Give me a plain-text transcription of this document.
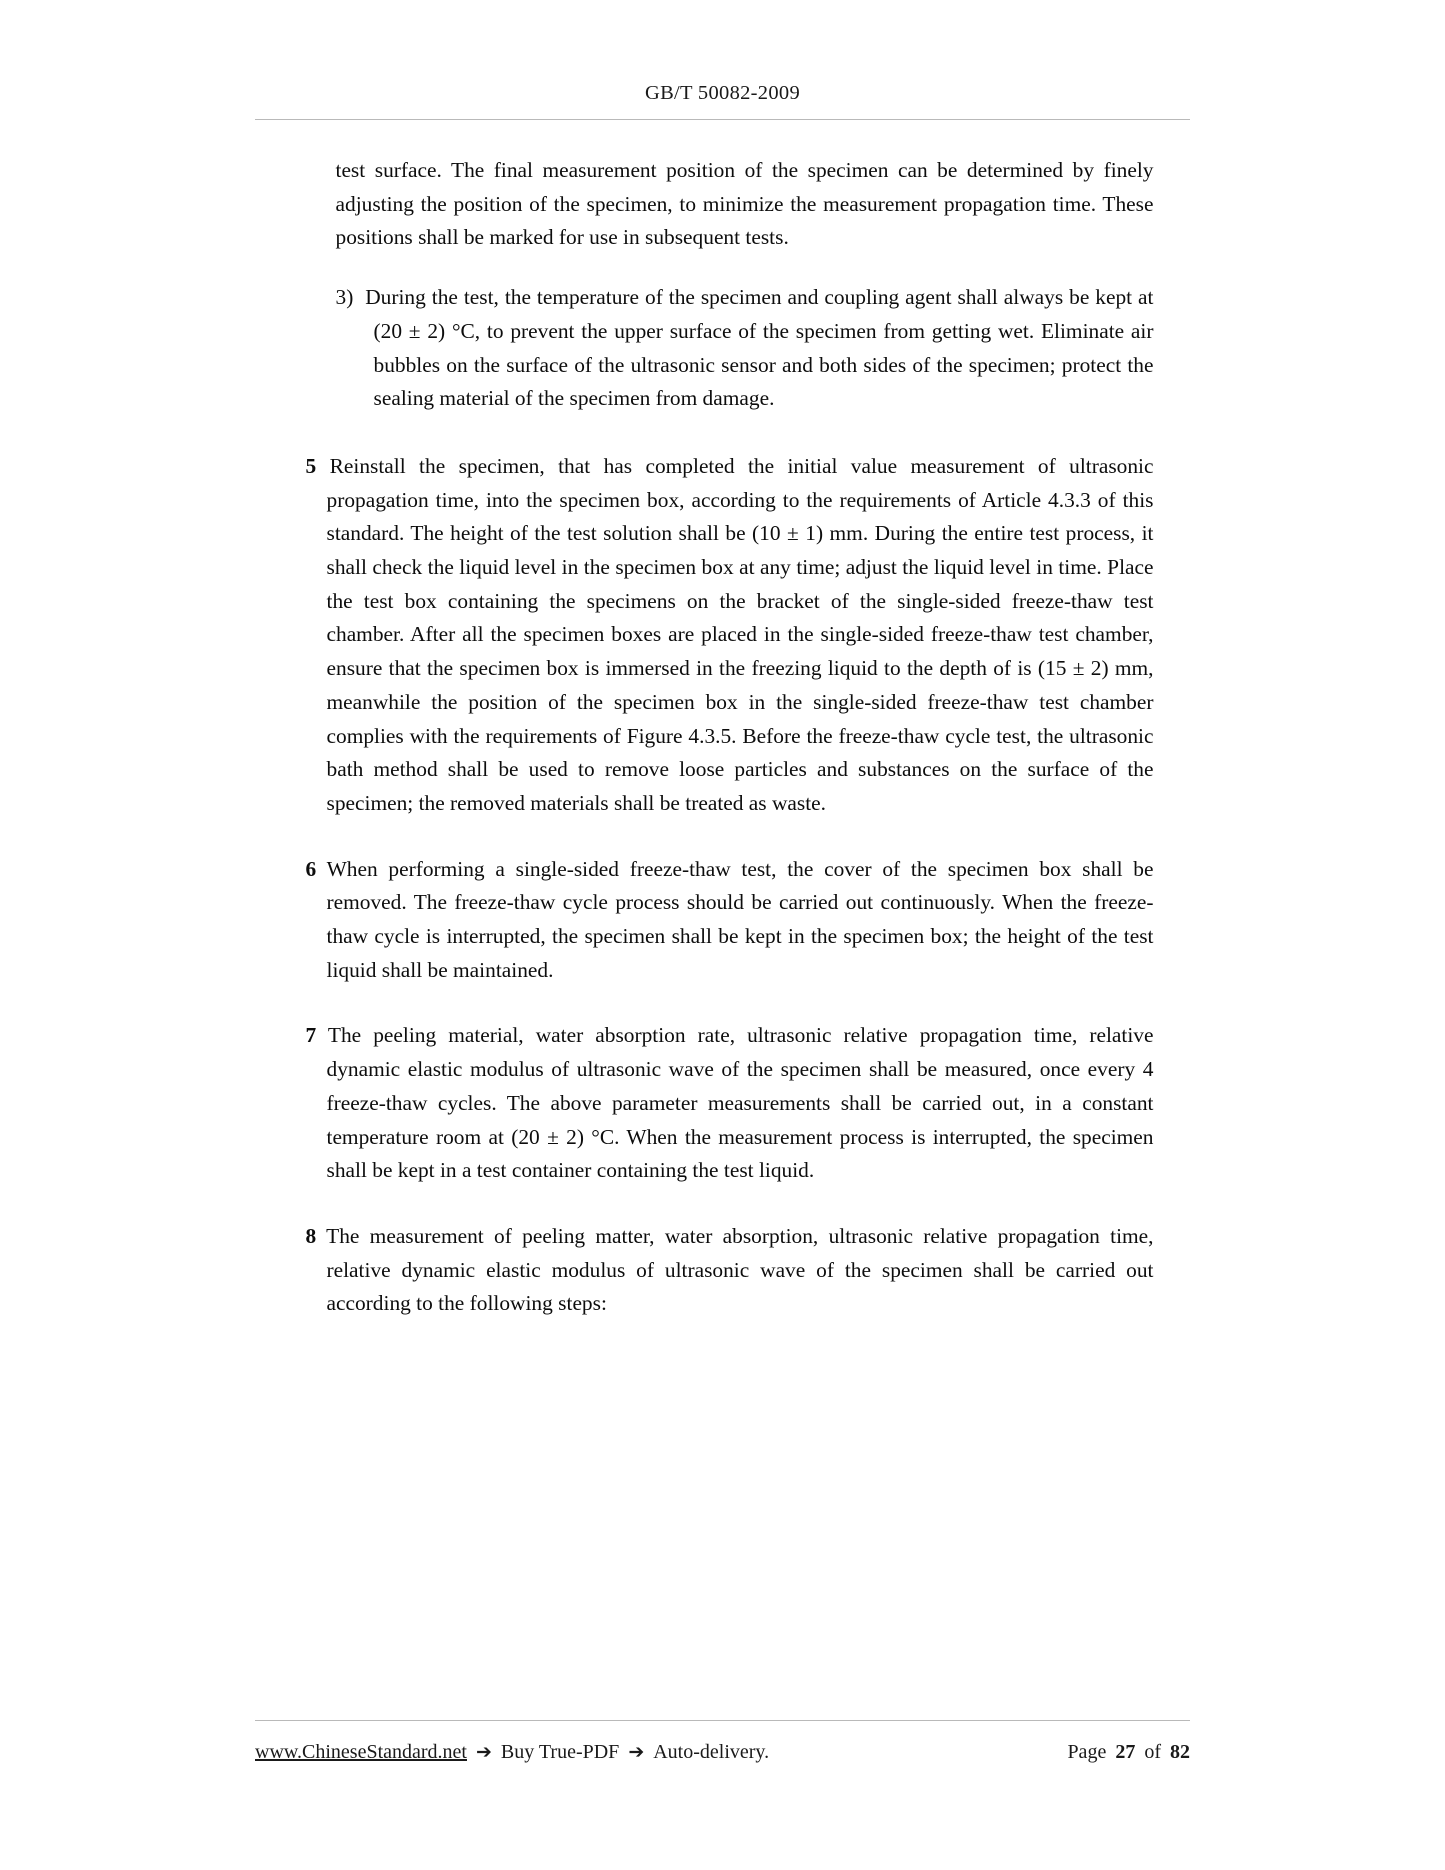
GB/T 50082-2009

test surface. The final measurement position of the specimen can be determined by finely adjusting the position of the specimen, to minimize the measurement propagation time. These positions shall be marked for use in subsequent tests.

3) During the test, the temperature of the specimen and coupling agent shall always be kept at (20 ± 2) °C, to prevent the upper surface of the specimen from getting wet. Eliminate air bubbles on the surface of the ultrasonic sensor and both sides of the specimen; protect the sealing material of the specimen from damage.

5 Reinstall the specimen, that has completed the initial value measurement of ultrasonic propagation time, into the specimen box, according to the requirements of Article 4.3.3 of this standard. The height of the test solution shall be (10 ± 1) mm. During the entire test process, it shall check the liquid level in the specimen box at any time; adjust the liquid level in time. Place the test box containing the specimens on the bracket of the single-sided freeze-thaw test chamber. After all the specimen boxes are placed in the single-sided freeze-thaw test chamber, ensure that the specimen box is immersed in the freezing liquid to the depth of is (15 ± 2) mm, meanwhile the position of the specimen box in the single-sided freeze-thaw test chamber complies with the requirements of Figure 4.3.5. Before the freeze-thaw cycle test, the ultrasonic bath method shall be used to remove loose particles and substances on the surface of the specimen; the removed materials shall be treated as waste.

6 When performing a single-sided freeze-thaw test, the cover of the specimen box shall be removed. The freeze-thaw cycle process should be carried out continuously. When the freeze-thaw cycle is interrupted, the specimen shall be kept in the specimen box; the height of the test liquid shall be maintained.

7 The peeling material, water absorption rate, ultrasonic relative propagation time, relative dynamic elastic modulus of ultrasonic wave of the specimen shall be measured, once every 4 freeze-thaw cycles. The above parameter measurements shall be carried out, in a constant temperature room at (20 ± 2) °C. When the measurement process is interrupted, the specimen shall be kept in a test container containing the test liquid.

8 The measurement of peeling matter, water absorption, ultrasonic relative propagation time, relative dynamic elastic modulus of ultrasonic wave of the specimen shall be carried out according to the following steps:

www.ChineseStandard.net ➔ Buy True-PDF ➔ Auto-delivery.	Page 27 of 82
